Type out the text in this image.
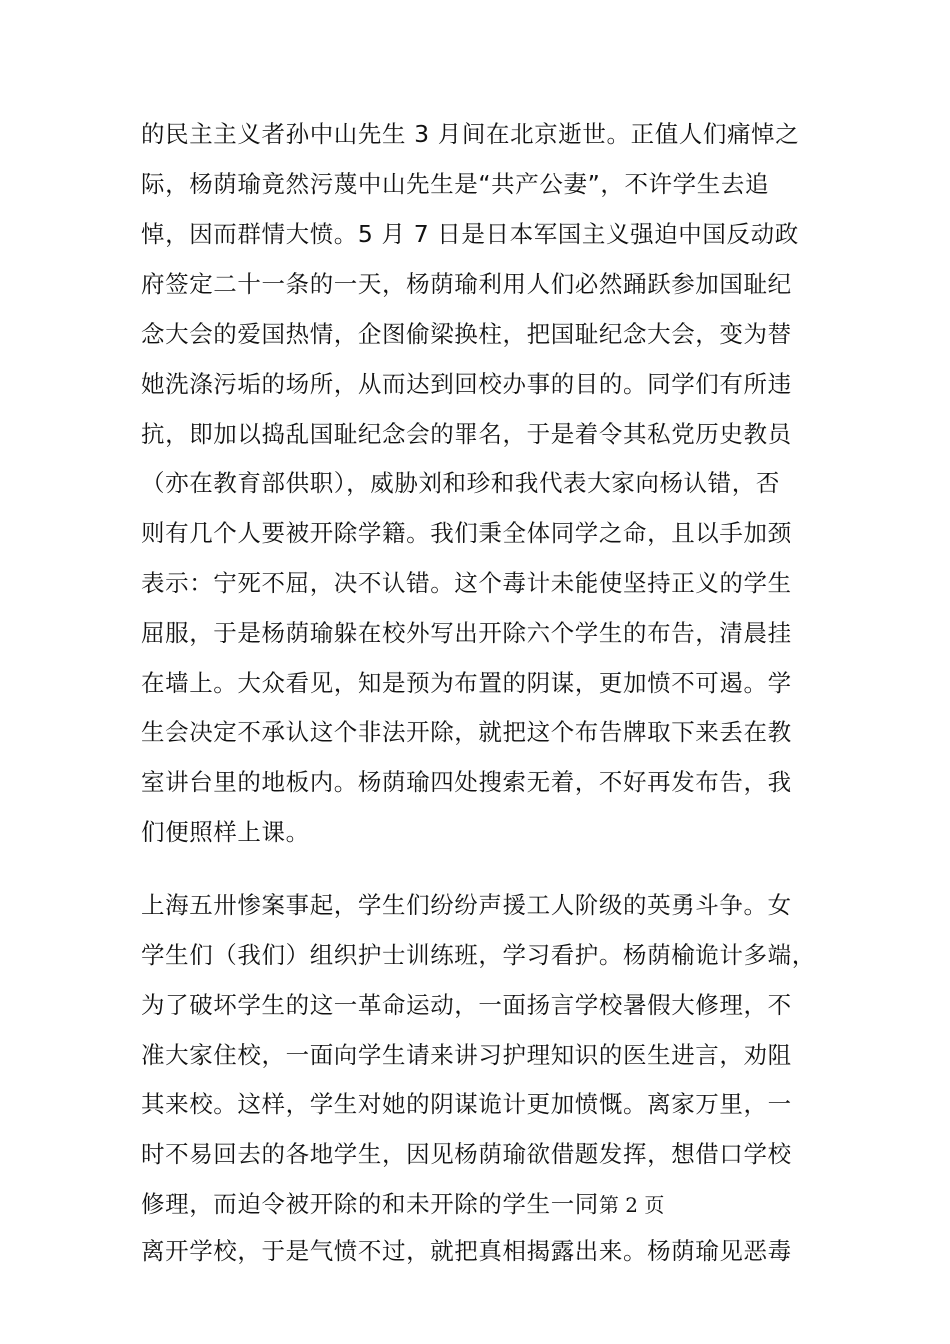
的民主主义者孙中山先生 3 月间在北京逝世。正值人们痛悼之
际，杨荫瑜竟然污蔑中山先生是“共产公妻”，不许学生去追
悼，因而群情大愤。5 月 7 日是日本军国主义强迫中国反动政
府签定二十一条的一天，杨荫瑜利用人们必然踊跃参加国耻纪
念大会的爱国热情，企图偷梁换柱，把国耻纪念大会，变为替
她洗涤污垢的场所，从而达到回校办事的目的。同学们有所违
抗，即加以捣乱国耻纪念会的罪名，于是着令其私党历史教员
（亦在教育部供职），威胁刘和珍和我代表大家向杨认错，否
则有几个人要被开除学籍。我们秉全体同学之命，且以手加颈
表示：宁死不屈，决不认错。这个毒计未能使坚持正义的学生
屈服，于是杨荫瑜躲在校外写出开除六个学生的布告，清晨挂
在墙上。大众看见，知是预为布置的阴谋，更加愤不可遏。学
生会决定不承认这个非法开除，就把这个布告牌取下来丢在教
室讲台里的地板内。杨荫瑜四处搜索无着，不好再发布告，我
们便照样上课。
上海五卅惨案事起，学生们纷纷声援工人阶级的英勇斗争。女
学生们（我们）组织护士训练班，学习看护。杨荫榆诡计多端，
为了破坏学生的这一革命运动，一面扬言学校暑假大修理，不
准大家住校，一面向学生请来讲习护理知识的医生进言，劝阻
其来校。这样，学生对她的阴谋诡计更加愤慨。离家万里，一
时不易回去的各地学生，因见杨荫瑜欲借题发挥，想借口学校
修理，而迫令被开除的和未开除的学生一同第 2 页
离开学校，于是气愤不过，就把真相揭露出来。杨荫瑜见恶毒
